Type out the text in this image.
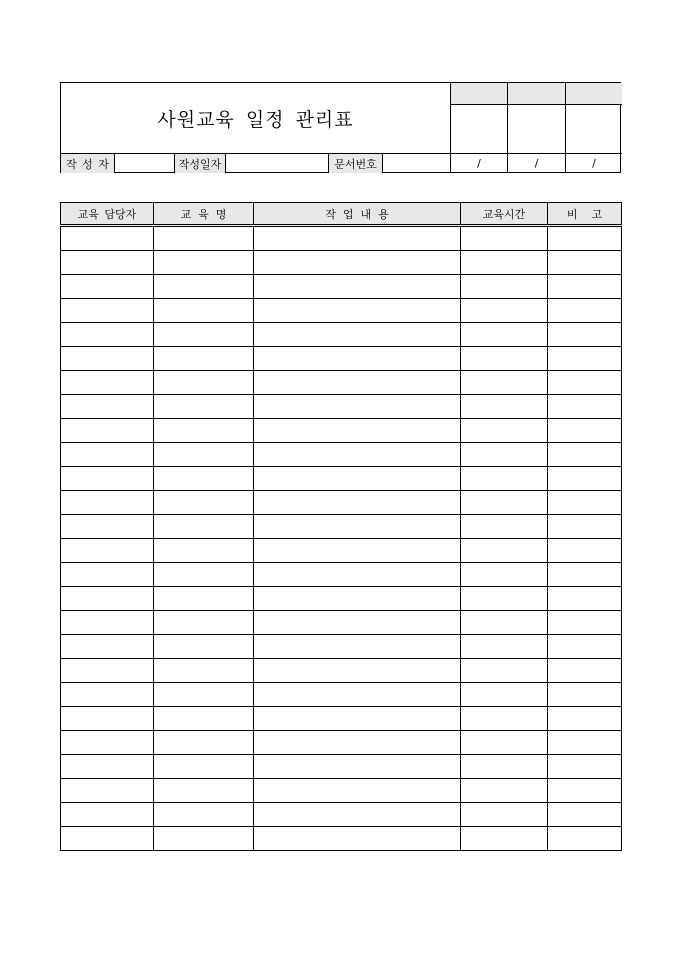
사원교육 일정 관리표
작 성 자	작성일자	문서번호	/	/	/
교육 담당자	교  육  명	작  업  내  용	교육시간	비    고
